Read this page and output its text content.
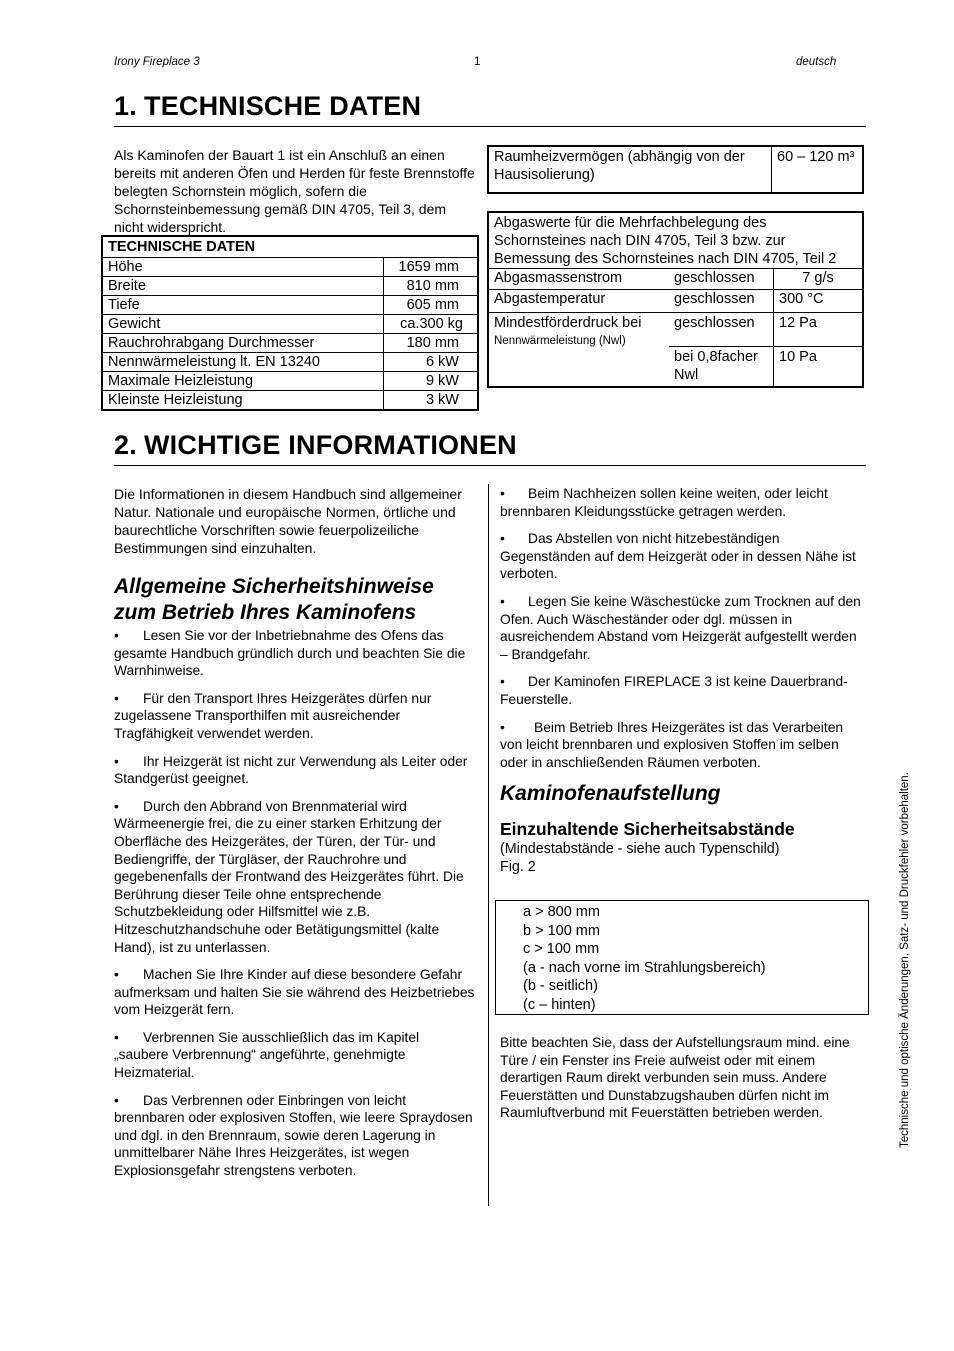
Irony Fireplace 3	1	deutsch
1. TECHNISCHE DATEN
Als Kaminofen der Bauart 1 ist ein Anschluß an einen bereits mit anderen Öfen und Herden für feste Brennstoffe belegten Schornstein möglich, sofern die Schornsteinbemessung gemäß DIN 4705, Teil 3, dem nicht widerspricht.
TECHNISCHE DATEN	
Höhe	1659 mm
Breite	810 mm
Tiefe	605 mm
Gewicht	ca.300 kg
Rauchrohrabgang Durchmesser	180 mm
Nennwärmeleistung lt. EN 13240	6 kW
Maximale Heizleistung	9 kW
Kleinste Heizleistung	3 kW
Raumheizvermögen (abhängig von der Hausisolierung)	60 – 120 m³
Abgaswerte für die Mehrfachbelegung des Schornsteines nach DIN 4705, Teil 3 bzw. zur Bemessung des Schornsteines nach DIN 4705, Teil 2		
Abgasmassenstrom	geschlossen	7 g/s
Abgastemperatur	geschlossen	300 °C

Mindestförderdruck bei
Nennwärmeleistung (Nwl)	geschlossen	12 Pa
	bei 0,8facher Nwl	10 Pa
2. WICHTIGE INFORMATIONEN
Die Informationen in diesem Handbuch sind allgemeiner Natur. Nationale und europäische Normen, örtliche und baurechtliche Vorschriften sowie feuerpolizeiliche Bestimmungen sind einzuhalten.
Allgemeine Sicherheitshinweise zum Betrieb Ihres Kaminofens
• Lesen Sie vor der Inbetriebnahme des Ofens das gesamte Handbuch gründlich durch und beachten Sie die Warnhinweise.
• Für den Transport Ihres Heizgerätes dürfen nur zugelassene Transporthilfen mit ausreichender Tragfähigkeit verwendet werden.
• Ihr Heizgerät ist nicht zur Verwendung als Leiter oder Standgerüst geeignet.
• Durch den Abbrand von Brennmaterial wird Wärmeenergie frei, die zu einer starken Erhitzung der Oberfläche des Heizgerätes, der Türen, der Tür- und Bediengriffe, der Türgläser, der Rauchrohre und gegebenenfalls der Frontwand des Heizgerätes führt. Die Berührung dieser Teile ohne entsprechende Schutzbekleidung oder Hilfsmittel wie z.B. Hitzeschutzhandschuhe oder Betätigungsmittel (kalte Hand), ist zu unterlassen.
• Machen Sie Ihre Kinder auf diese besondere Gefahr aufmerksam und halten Sie sie während des Heizbetriebes vom Heizgerät fern.
• Verbrennen Sie ausschließlich das im Kapitel „saubere Verbrennung“ angeführte, genehmigte Heizmaterial.
• Das Verbrennen oder Einbringen von leicht brennbaren oder explosiven Stoffen, wie leere Spraydosen und dgl. in den Brennraum, sowie deren Lagerung in unmittelbarer Nähe Ihres Heizgerätes, ist wegen Explosionsgefahr strengstens verboten.
• Beim Nachheizen sollen keine weiten, oder leicht brennbaren Kleidungsstücke getragen werden.
• Das Abstellen von nicht hitzebeständigen Gegenständen auf dem Heizgerät oder in dessen Nähe ist verboten.
• Legen Sie keine Wäschestücke zum Trocknen auf den Ofen. Auch Wäscheständer oder dgl. müssen in ausreichendem Abstand vom Heizgerät aufgestellt werden – Brandgefahr.
• Der Kaminofen FIREPLACE 3 ist keine Dauerbrand-Feuerstelle.
• Beim Betrieb Ihres Heizgerätes ist das Verarbeiten von leicht brennbaren und explosiven Stoffen im selben oder in anschließenden Räumen verboten.
Kaminofenaufstellung
Einzuhaltende Sicherheitsabstände
(Mindestabstände - siehe auch Typenschild)
Fig. 2
a > 800 mm
b > 100 mm
c > 100 mm
(a - nach vorne im Strahlungsbereich)
(b - seitlich)
(c – hinten)
Bitte beachten Sie, dass der Aufstellungsraum mind. eine Türe / ein Fenster ins Freie aufweist oder mit einem derartigen Raum direkt verbunden sein muss. Andere Feuerstätten und Dunstabzugshauben dürfen nicht im Raumluftverbund mit Feuerstätten betrieben werden.	Technische und optische Änderungen, Satz- und Druckfehler vorbehalten.
